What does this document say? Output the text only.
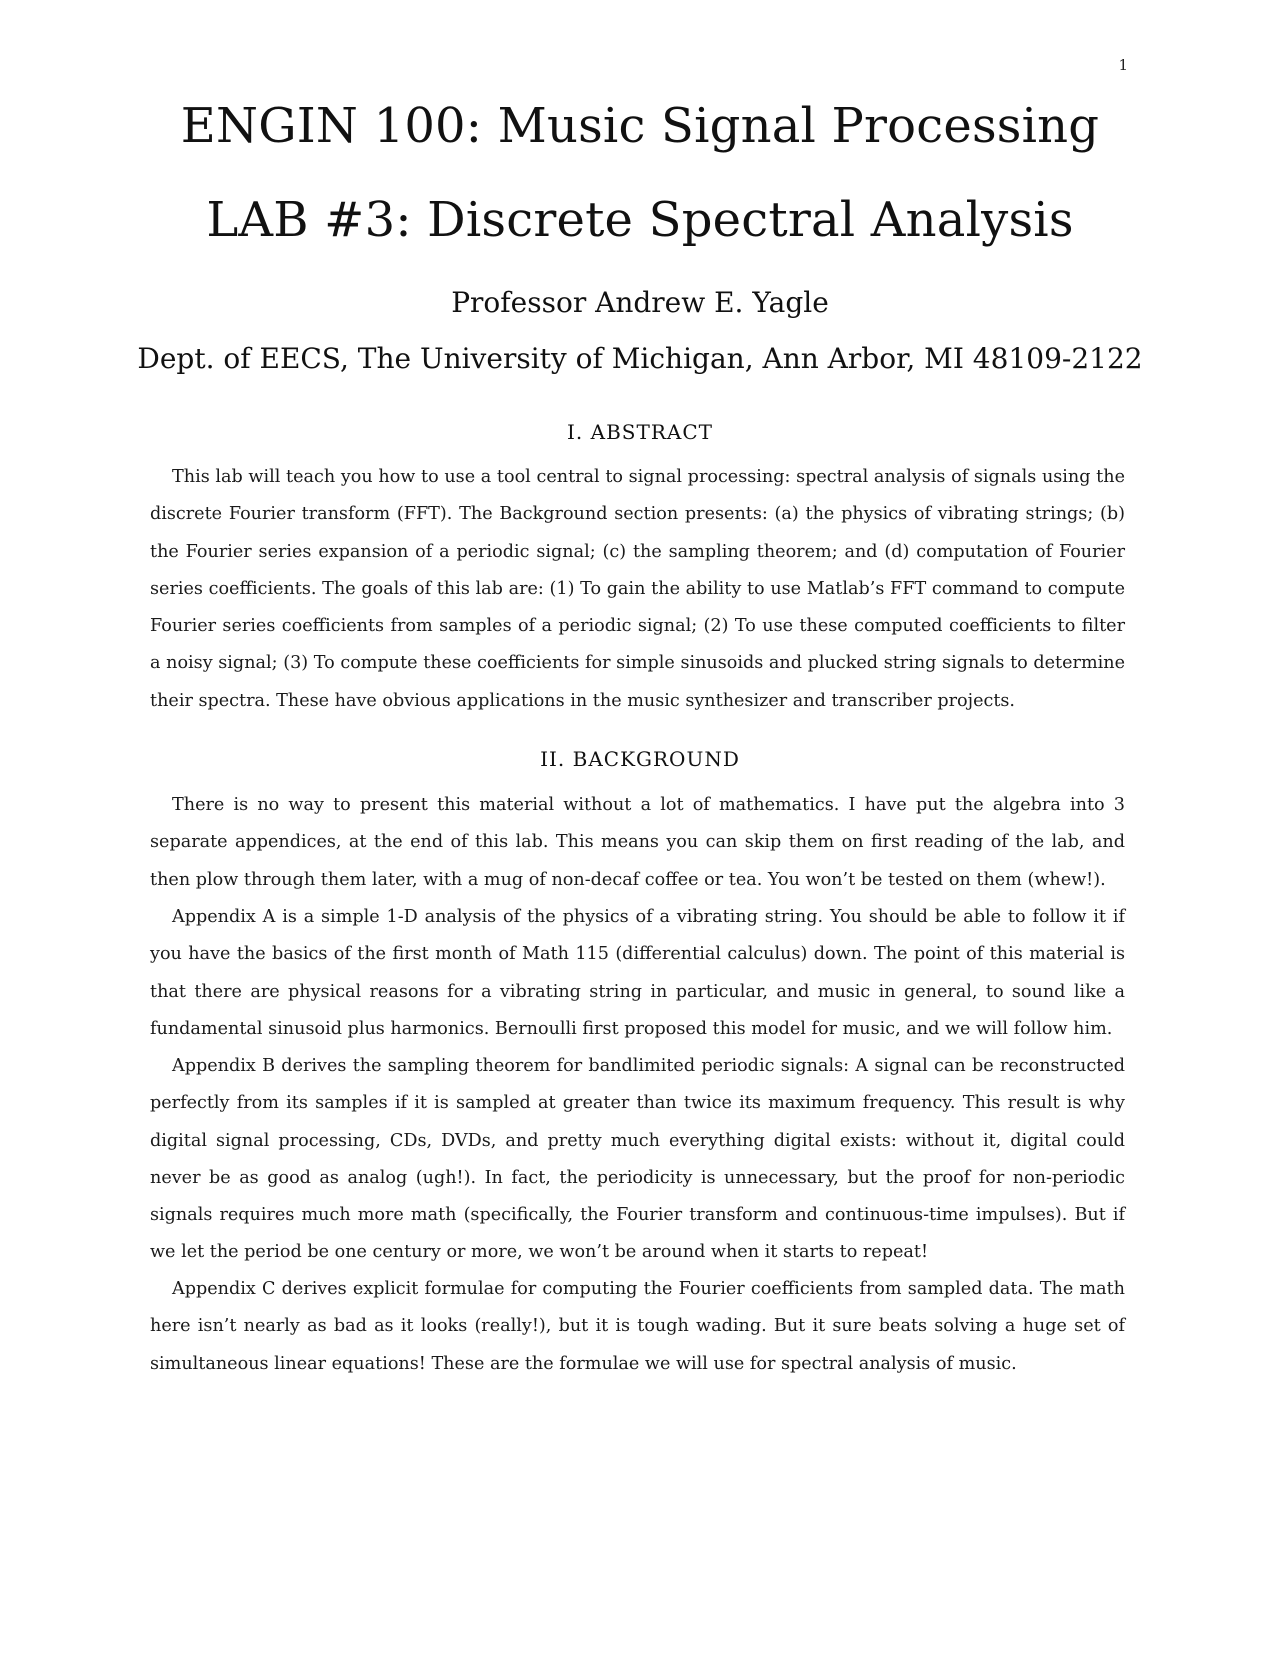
1
ENGIN 100: Music Signal Processing
LAB #3: Discrete Spectral Analysis
Professor Andrew E. Yagle
Dept. of EECS, The University of Michigan, Ann Arbor, MI 48109-2122
I. ABSTRACT

This lab will teach you how to use a tool central to signal processing: spectral analysis of signals using the discrete Fourier transform (FFT). The Background section presents: (a) the physics of vibrating strings; (b) the Fourier series expansion of a periodic signal; (c) the sampling theorem; and (d) computation of Fourier series coefficients. The goals of this lab are: (1) To gain the ability to use Matlab’s FFT command to compute Fourier series coefficients from samples of a periodic signal; (2) To use these computed coefficients to filter a noisy signal; (3) To compute these coefficients for simple sinusoids and plucked string signals to determine their spectra. These have obvious applications in the music synthesizer and transcriber projects.

II. BACKGROUND

There is no way to present this material without a lot of mathematics. I have put the algebra into 3 separate appendices, at the end of this lab. This means you can skip them on first reading of the lab, and then plow through them later, with a mug of non-decaf coffee or tea. You won’t be tested on them (whew!).

Appendix A is a simple 1-D analysis of the physics of a vibrating string. You should be able to follow it if you have the basics of the first month of Math 115 (differential calculus) down. The point of this material is that there are physical reasons for a vibrating string in particular, and music in general, to sound like a fundamental sinusoid plus harmonics. Bernoulli first proposed this model for music, and we will follow him.

Appendix B derives the sampling theorem for bandlimited periodic signals: A signal can be reconstructed perfectly from its samples if it is sampled at greater than twice its maximum frequency. This result is why digital signal processing, CDs, DVDs, and pretty much everything digital exists: without it, digital could never be as good as analog (ugh!). In fact, the periodicity is unnecessary, but the proof for non-periodic signals requires much more math (specifically, the Fourier transform and continuous-time impulses). But if we let the period be one century or more, we won’t be around when it starts to repeat!

Appendix C derives explicit formulae for computing the Fourier coefficients from sampled data. The math here isn’t nearly as bad as it looks (really!), but it is tough wading. But it sure beats solving a huge set of simultaneous linear equations! These are the formulae we will use for spectral analysis of music.
